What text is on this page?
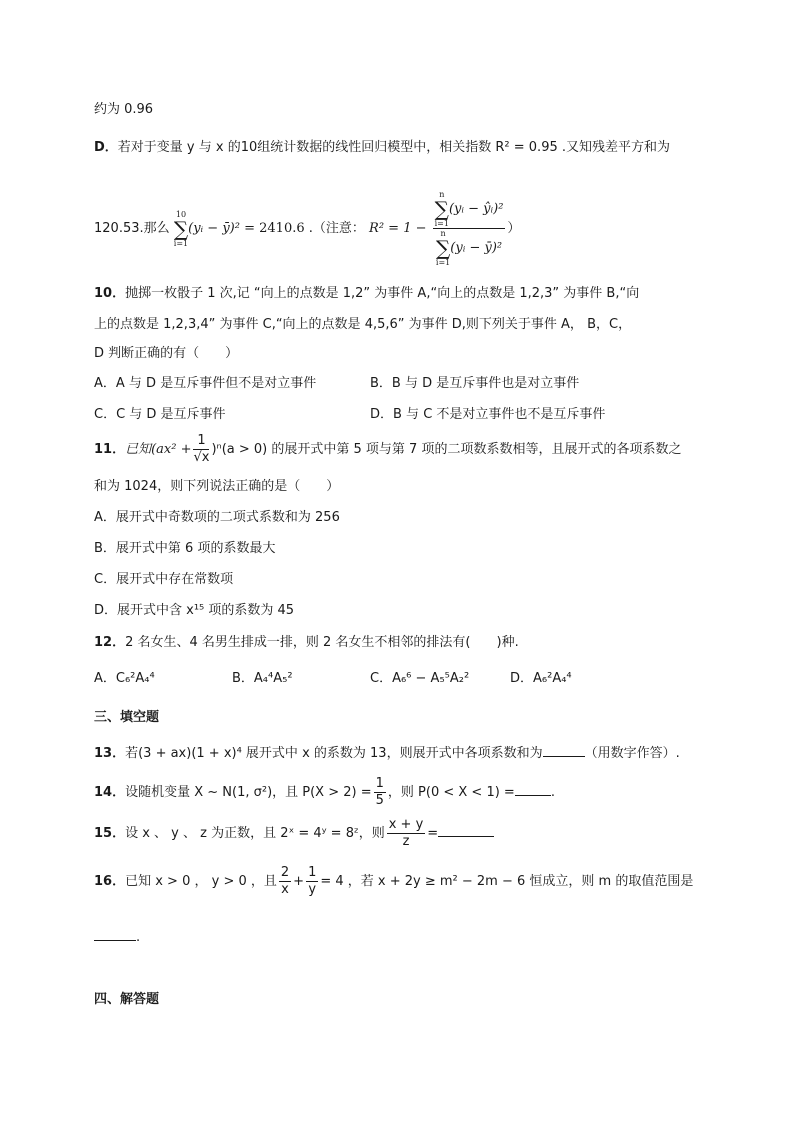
约为 0.96
D．若对于变量 y 与 x 的10组统计数据的线性回归模型中，相关指数 R² = 0.95 .又知残差平方和为
120.53.那么
10
∑
i=1
(yᵢ − ȳ)² = 2410.6 .（注意： R² = 1 − n
∑
i=1
(yᵢ − ŷᵢ)²
n
∑
i=1
(yᵢ − ȳ)² ）
10．抛掷一枚骰子 1 次,记 “向上的点数是 1,2” 为事件 A,“向上的点数是 1,2,3” 为事件 B,“向
上的点数是 1,2,3,4” 为事件 C,“向上的点数是 4,5,6” 为事件 D,则下列关于事件 A， B，C，
D 判断正确的有（　　）
A．A 与 D 是互斥事件但不是对立事件	B．B 与 D 是互斥事件也是对立事件
C．C 与 D 是互斥事件	D．B 与 C 不是对立事件也不是互斥事件
11．已知$(ax^2 + \frac{1}{√x} )^n(a > 0)$ 的展开式中第 5 项与第 7 项的二项数系数相等，且展开式的各项系数之
和为 1024，则下列说法正确的是（　　）
A．展开式中奇数项的二项式系数和为 256
B．展开式中第 6 项的系数最大
C．展开式中存在常数项
D．展开式中含 x¹⁵ 项的系数为 45
12．2 名女生、4 名男生排成一排，则 2 名女生不相邻的排法有(　　)种.
A．C₆²A₄⁴	B．A₄⁴A₅²	C．A₆⁶ − A₅⁵A₂²	D．A₆²A₄⁴
三、填空题
13．若(3 + ax)(1 + x)⁴ 展开式中 x 的系数为 13，则展开式中各项系数和为	（用数字作答）.
14．设随机变量 X ~ N(1, σ²)，且 $P(X > 2) = \frac{1}{5}$ ，则 P(0 < X < 1) =	.
15．设 x 、 y 、 z 为正数，且 2ˣ = 4ʸ = 8ᶻ，则 $\frac{x + y}{z}$ =
16．已知 x > 0 ， y > 0 ，且 $\frac{2}{x} + \frac{1}{y} = 4$ ，若 x + 2y ≥ m² − 2m − 6 恒成立，则 m 的取值范围是
.
四、解答题
